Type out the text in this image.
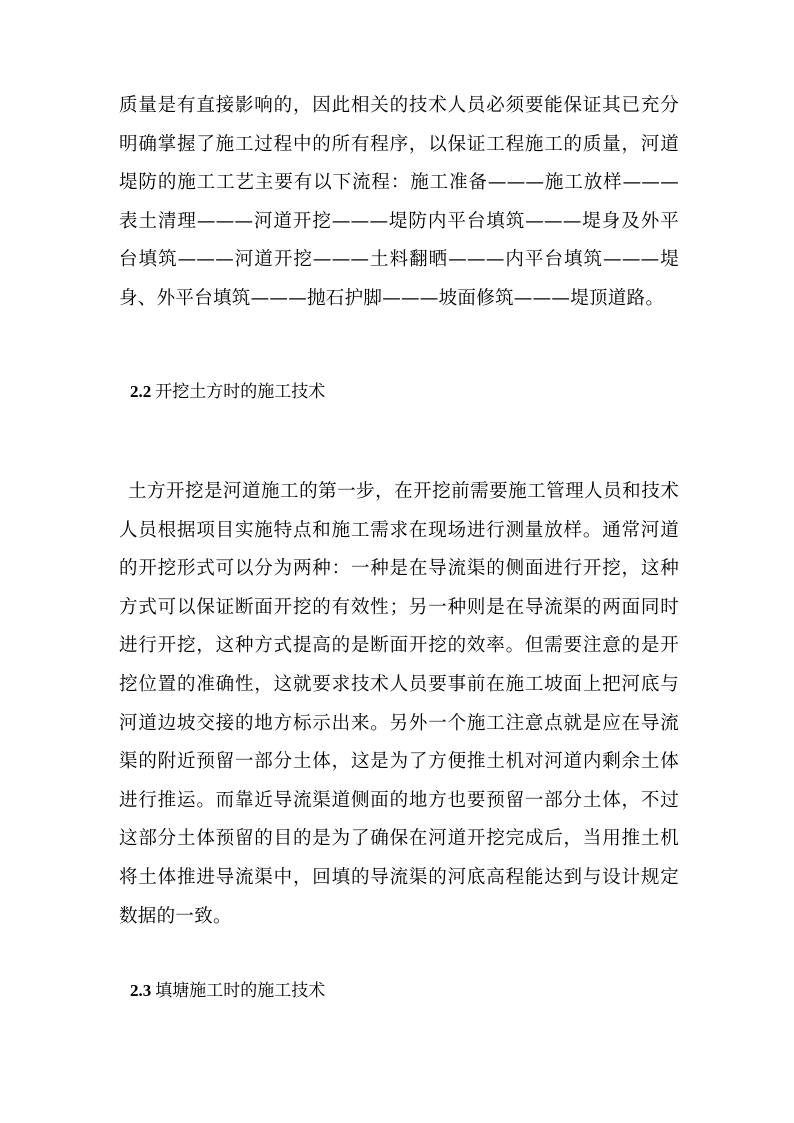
质量是有直接影响的，因此相关的技术人员必须要能保证其已充分明确掌握了施工过程中的所有程序，以保证工程施工的质量，河道堤防的施工工艺主要有以下流程：施工准备———施工放样———表土清理———河道开挖———堤防内平台填筑———堤身及外平台填筑———河道开挖———土料翻晒———内平台填筑———堤身、外平台填筑———抛石护脚———坡面修筑———堤顶道路。

2.2 开挖土方时的施工技术

土方开挖是河道施工的第一步，在开挖前需要施工管理人员和技术人员根据项目实施特点和施工需求在现场进行测量放样。通常河道的开挖形式可以分为两种：一种是在导流渠的侧面进行开挖，这种方式可以保证断面开挖的有效性；另一种则是在导流渠的两面同时进行开挖，这种方式提高的是断面开挖的效率。但需要注意的是开挖位置的准确性，这就要求技术人员要事前在施工坡面上把河底与河道边坡交接的地方标示出来。另外一个施工注意点就是应在导流渠的附近预留一部分土体，这是为了方便推土机对河道内剩余土体进行推运。而靠近导流渠道侧面的地方也要预留一部分土体，不过这部分土体预留的目的是为了确保在河道开挖完成后，当用推土机将土体推进导流渠中，回填的导流渠的河底高程能达到与设计规定数据的一致。

2.3 填塘施工时的施工技术
